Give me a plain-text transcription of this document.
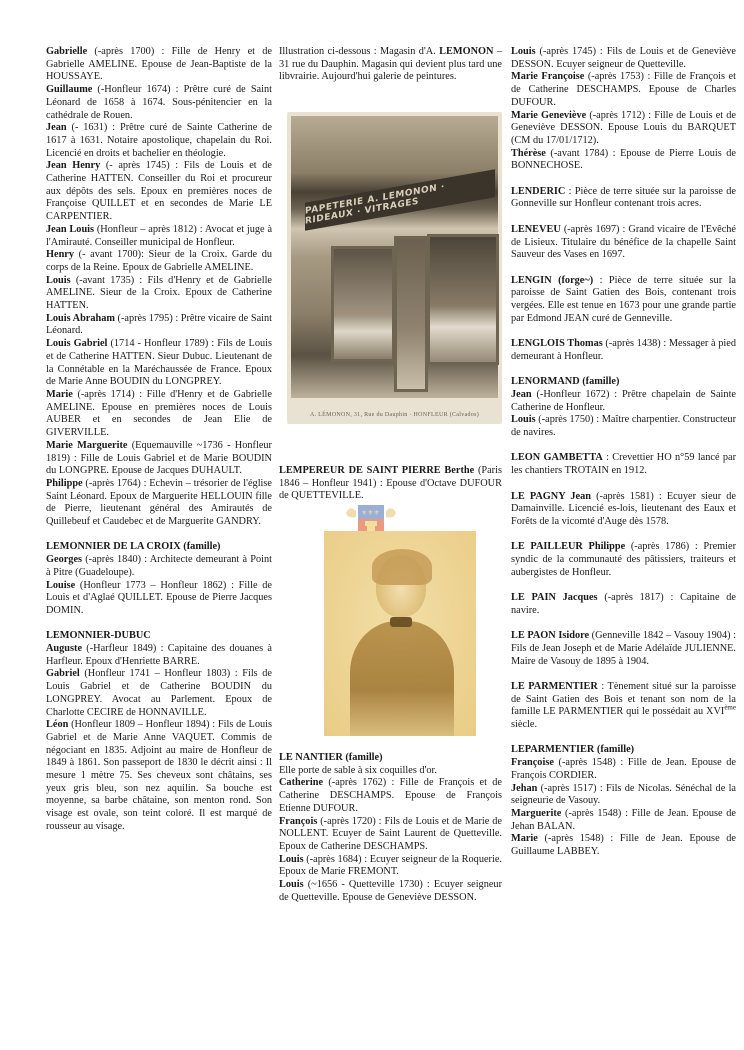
Gabrielle (-après 1700) : Fille de Henry et de Gabrielle AMELINE. Epouse de Jean-Baptiste de la HOUSSAYE.

Guillaume (-Honfleur 1674) : Prêtre curé de Saint Léonard de 1658 à 1674. Sous-pénitencier en la cathédrale de Rouen.

Jean (- 1631) : Prêtre curé de Sainte Catherine de 1617 à 1631. Notaire apostolique, chapelain du Roi. Licencié en droits et bachelier en théologie.

Jean Henry (- après 1745) : Fils de Louis et de Catherine HATTEN. Conseiller du Roi et procureur aux dépôts des sels. Epoux en premières noces de Françoise QUILLET et en secondes de Marie LE CARPENTIER.

Jean Louis (Honfleur – après 1812) : Avocat et juge à l'Amirauté. Conseiller municipal de Honfleur.

Henry (- avant 1700): Sieur de la Croix. Garde du corps de la Reine. Epoux de Gabrielle AMELINE.

Louis (-avant 1735) : Fils d'Henry et de Gabrielle AMELINE. Sieur de la Croix. Epoux de Catherine HATTEN.

Louis Abraham (-après 1795) : Prêtre vicaire de Saint Léonard.

Louis Gabriel (1714 - Honfleur 1789) : Fils de Louis et de Catherine HATTEN. Sieur Dubuc. Lieutenant de la Connétable en la Maréchaussée de France. Epoux de Marie Anne BOUDIN du LONGPREY.

Marie (-après 1714) : Fille d'Henry et de Gabrielle AMELINE. Epouse en premières noces de Louis AUBER et en secondes de Jean Elie de GIVERVILLE.

Marie Marguerite (Equemauville ~1736 - Honfleur 1819) : Fille de Louis Gabriel et de Marie BOUDIN du LONGPRE. Epouse de Jacques DUHAULT.

Philippe (-après 1764) : Echevin – trésorier de l'église Saint Léonard. Epoux de Marguerite HELLOUIN fille de Pierre, lieutenant général des Amirautés de Quillebeuf et Caudebec et de Marguerite GANDRY.

LEMONNIER DE LA CROIX (famille)

Georges (-après 1840) : Architecte demeurant à Point à Pitre (Guadeloupe).

Louise (Honfleur 1773 – Honfleur 1862) : Fille de Louis et d'Aglaé QUILLET. Epouse de Pierre Jacques DOMIN.

LEMONNIER-DUBUC

Auguste (-Harfleur 1849) : Capitaine des douanes à Harfleur. Epoux d'Henriette BARRE.

Gabriel (Honfleur 1741 – Honfleur 1803) : Fils de Louis Gabriel et de Catherine BOUDIN du LONGPREY. Avocat au Parlement. Epoux de Charlotte CECIRE de HONNAVILLE.

Léon (Honfleur 1809 – Honfleur 1894) : Fils de Louis Gabriel et de Marie Anne VAQUET. Commis de négociant en 1835. Adjoint au maire de Honfleur de 1849 à 1861. Son passeport de 1830 le décrit ainsi : Il mesure 1 mètre 75. Ses cheveux sont châtains, ses yeux gris bleu, son nez aquilin. Sa bouche est moyenne, sa barbe châtaine, son menton rond. Son visage est ovale, son teint coloré. Il est marqué de rousseur au visage.

Illustration ci-dessous : Magasin d'A. LEMONON – 31 rue du Dauphin. Magasin qui devient plus tard une libvrairie. Aujourd'hui galerie de peintures.

PAPETERIE A. LEMONON · RIDEAUX · VITRAGES
A. LÉMONON, 31, Rue du Dauphin · HONFLEUR (Calvados)

LEMPEREUR DE SAINT PIERRE Berthe (Paris 1846 – Honfleur 1941) : Epouse d'Octave DUFOUR de QUETTEVILLE.

⚜⚜⚜

LE NANTIER (famille)

Elle porte de sable à six coquilles d'or.

Catherine (-après 1762) : Fille de François et de Catherine DESCHAMPS. Epouse de François Etienne DUFOUR.

François (-après 1720) : Fils de Louis et de Marie de NOLLENT. Ecuyer de Saint Laurent de Quetteville. Epoux de Catherine DESCHAMPS.

Louis (-après 1684) : Ecuyer seigneur de la Roquerie. Epoux de Marie FREMONT.

Louis (~1656 - Quetteville 1730) : Ecuyer seigneur de Quetteville. Epouse de Geneviève DESSON.

Louis (-après 1745) : Fils de Louis et de Geneviève DESSON. Ecuyer seigneur de Quetteville.

Marie Françoise (-après 1753) : Fille de François et de Catherine DESCHAMPS. Epouse de Charles DUFOUR.

Marie Geneviève (-après 1712) : Fille de Louis et de Geneviève DESSON. Epouse Louis du BARQUET (CM du 17/01/1712).

Thérèse (-avant 1784) : Epouse de Pierre Louis de BONNECHOSE.

LENDERIC : Pièce de terre située sur la paroisse de Gonneville sur Honfleur contenant trois acres.

LENEVEU (-après 1697) : Grand vicaire de l'Evêché de Lisieux. Titulaire du bénéfice de la chapelle Saint Sauveur des Vases en 1697.

LENGIN (forge~) : Pièce de terre située sur la paroisse de Saint Gatien des Bois, contenant trois vergées. Elle est tenue en 1673 pour une grande partie par Edmond JEAN curé de Genneville.

LENGLOIS Thomas (-après 1438) : Messager à pied demeurant à Honfleur.

LENORMAND (famille)

Jean (-Honfleur 1672) : Prêtre chapelain de Sainte Catherine de Honfleur.

Louis (-après 1750) : Maître charpentier. Constructeur de navires.

LEON GAMBETTA : Crevettier HO n°59 lancé par les chantiers TROTAIN en 1912.

LE PAGNY Jean (-après 1581) : Ecuyer sieur de Damainville. Licencié es-lois, lieutenant des Eaux et Forêts de la vicomté d'Auge dès 1578.

LE PAILLEUR Philippe (-après 1786) : Premier syndic de la communauté des pâtissiers, traiteurs et aubergistes de Honfleur.

LE PAIN Jacques (-après 1817) : Capitaine de navire.

LE PAON Isidore (Genneville 1842 – Vasouy 1904) : Fils de Jean Joseph et de Marie Adélaïde JULIENNE. Maire de Vasouy de 1895 à 1904.

LE PARMENTIER : Tènement situé sur la paroisse de Saint Gatien des Bois et tenant son nom de la famille LE PARMENTIER qui le possédait au XVIème siècle.

LEPARMENTIER (famille)

Françoise (-après 1548) : Fille de Jean. Epouse de François CORDIER.

Jehan (-après 1517) : Fils de Nicolas. Sénéchal de la seigneurie de Vasouy.

Marguerite (-après 1548) : Fille de Jean. Epouse de Jehan BALAN.

Marie (-après 1548) : Fille de Jean. Epouse de Guillaume LABBEY.
